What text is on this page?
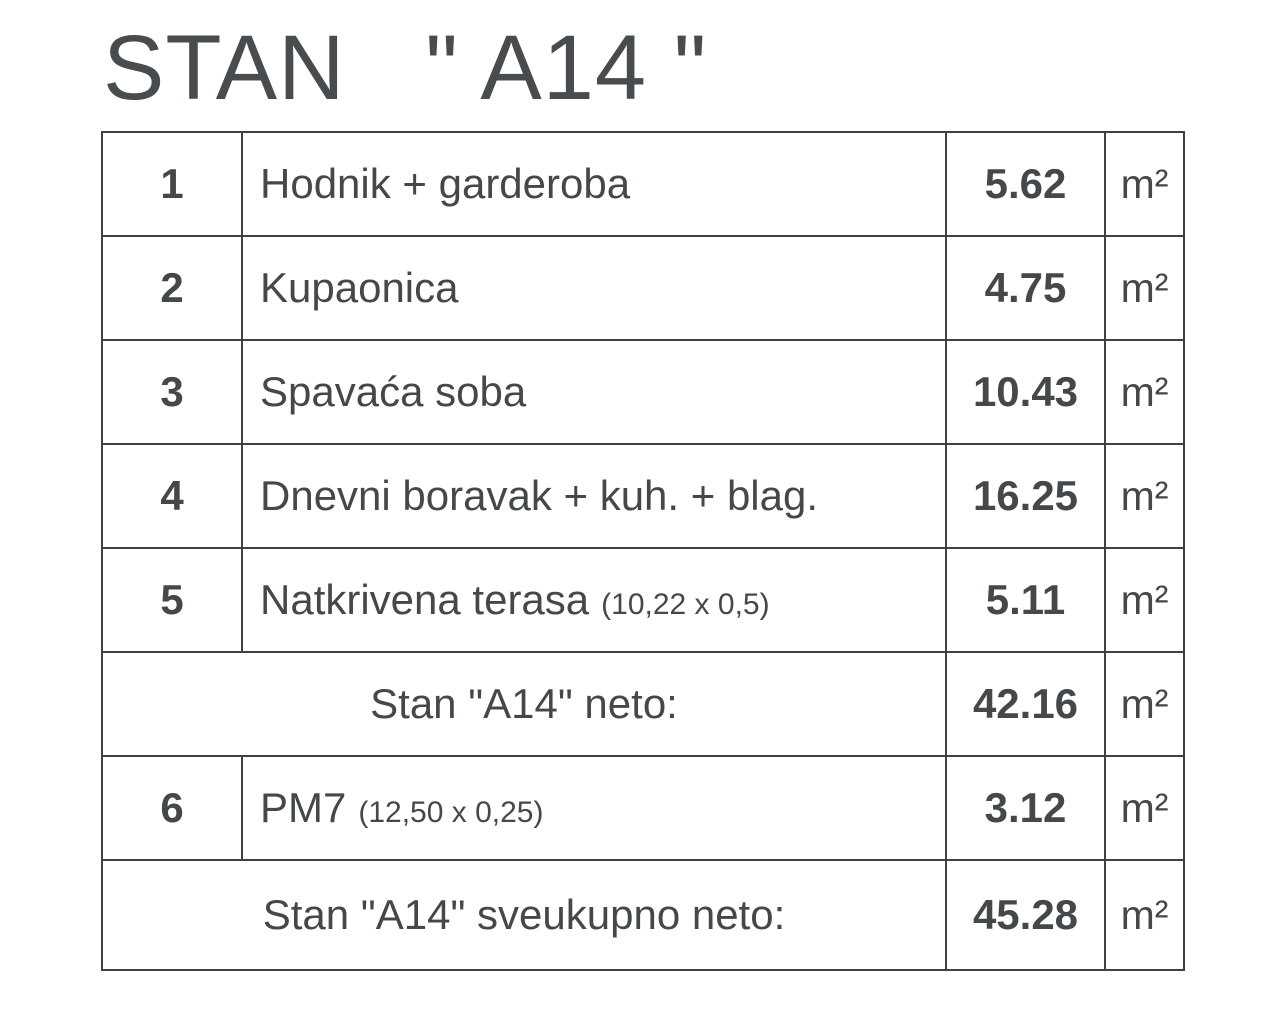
STAN   " A14 "
1	Hodnik + garderoba	5.62	m²
2	Kupaonica	4.75	m²
3	Spavaća soba	10.43	m²
4	Dnevni boravak + kuh. + blag.	16.25	m²
5	Natkrivena terasa (10,22 x 0,5)	5.11	m²
Stan "A14" neto:		42.16	m²
6	PM7 (12,50 x 0,25)	3.12	m²
Stan "A14" sveukupno neto:		45.28	m²
